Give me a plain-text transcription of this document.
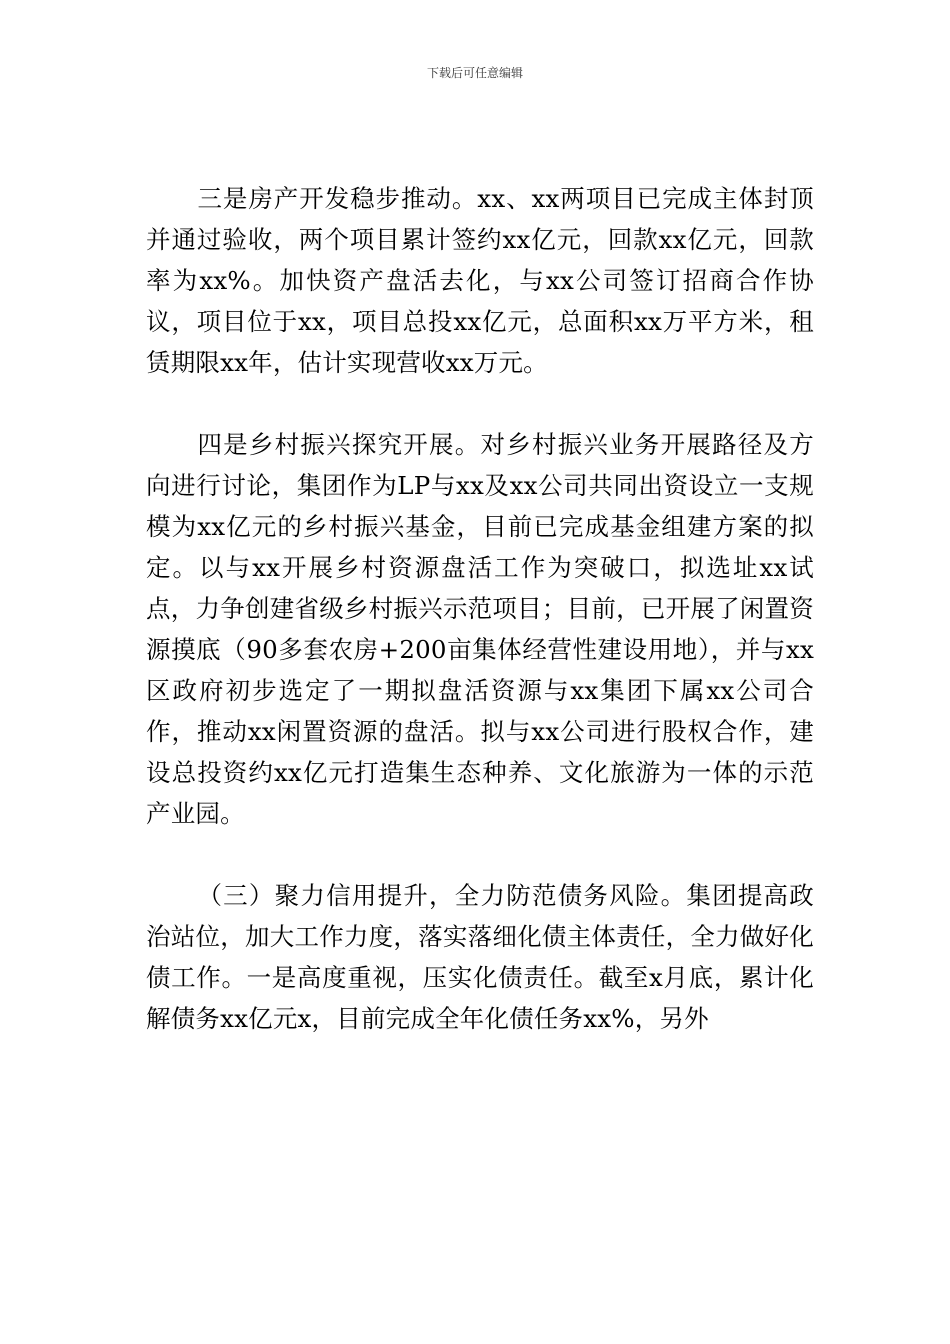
下载后可任意编辑

三是房产开发稳步推动。xx、xx两项目已完成主体封顶并通过验收，两个项目累计签约xx亿元，回款xx亿元，回款率为xx%。加快资产盘活去化，与xx公司签订招商合作协议，项目位于xx，项目总投xx亿元，总面积xx万平方米，租赁期限xx年，估计实现营收xx万元。

四是乡村振兴探究开展。对乡村振兴业务开展路径及方向进行讨论，集团作为LP与xx及xx公司共同出资设立一支规模为xx亿元的乡村振兴基金，目前已完成基金组建方案的拟定。以与xx开展乡村资源盘活工作为突破口，拟选址xx试点，力争创建省级乡村振兴示范项目；目前，已开展了闲置资源摸底（90多套农房+200亩集体经营性建设用地），并与xx区政府初步选定了一期拟盘活资源与xx集团下属xx公司合作，推动xx闲置资源的盘活。拟与xx公司进行股权合作，建设总投资约xx亿元打造集生态种养、文化旅游为一体的示范产业园。

（三）聚力信用提升，全力防范债务风险。集团提高政治站位，加大工作力度，落实落细化债主体责任，全力做好化债工作。一是高度重视，压实化债责任。截至x月底，累计化解债务xx亿元x，目前完成全年化债任务xx%，另外
